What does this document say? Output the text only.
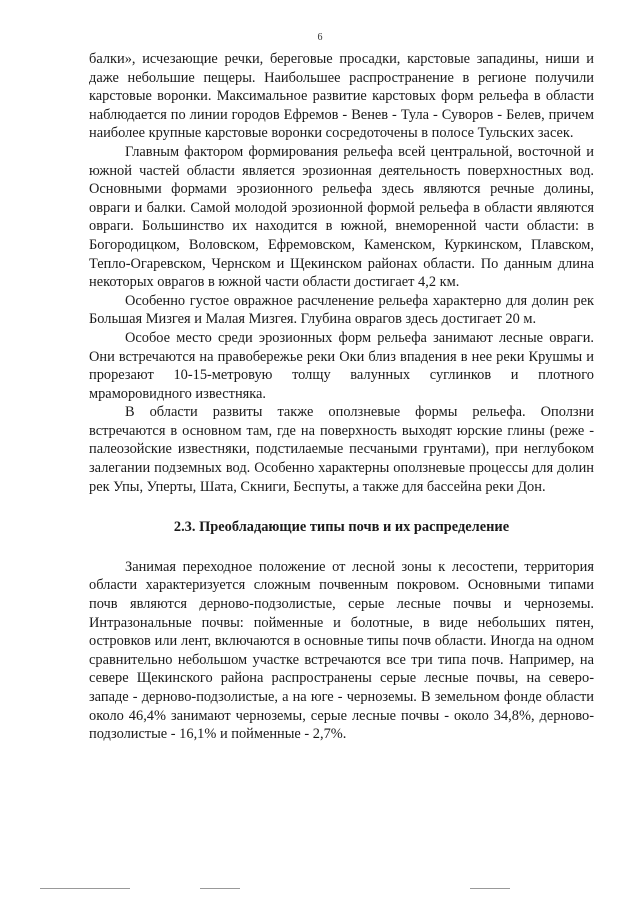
6

балки», исчезающие речки, береговые просадки, карстовые западины, ниши и даже небольшие пещеры. Наибольшее распространение в регионе получили карстовые воронки. Максимальное развитие карстовых форм рельефа в области наблюдается по линии городов Ефремов - Венев - Тула - Суворов - Белев, причем наиболее крупные карстовые воронки сосредоточены в полосе Тульских засек.

Главным фактором формирования рельефа всей центральной, восточной и южной частей области является эрозионная деятельность поверхностных вод. Основными формами эрозионного рельефа здесь являются речные долины, овраги и балки. Самой молодой эрозионной формой рельефа в области являются овраги. Большинство их находится в южной, внеморенной части области: в Богородицком, Воловском, Ефремовском, Каменском, Куркинском, Плавском, Тепло-Огаревском, Чернском и Щекинском районах области. По данным длина некоторых оврагов в южной части области достигает 4,2 км.

Особенно густое овражное расчленение рельефа характерно для долин рек Большая Мизгея и Малая Мизгея. Глубина оврагов здесь достигает 20 м.

Особое место среди эрозионных форм рельефа занимают лесные овраги. Они встречаются на правобережье реки Оки близ впадения в нее реки Крушмы и прорезают 10-15-метровую толщу валунных суглинков и плотного мраморовидного известняка.

В области развиты также оползневые формы рельефа. Оползни встречаются в основном там, где на поверхность выходят юрские глины (реже - палеозойские известняки, подстилаемые песчаными грунтами), при неглубоком залегании подземных вод. Особенно характерны оползневые процессы для долин рек Упы, Уперты, Шата, Скниги, Беспуты, а также для бассейна реки Дон.

2.3. Преобладающие типы почв и их распределение

Занимая переходное положение от лесной зоны к лесостепи, территория области характеризуется сложным почвенным покровом. Основными типами почв являются дерново-подзолистые, серые лесные почвы и черноземы. Интразональные почвы: пойменные и болотные, в виде небольших пятен, островков или лент, включаются в основные типы почв области. Иногда на одном сравнительно небольшом участке встречаются все три типа почв. Например, на севере Щекинского района распространены серые лесные почвы, на северо-западе - дерново-подзолистые, а на юге - черноземы. В земельном фонде области около 46,4% занимают черноземы, серые лесные почвы - около 34,8%, дерново-подзолистые - 16,1% и пойменные - 2,7%.
